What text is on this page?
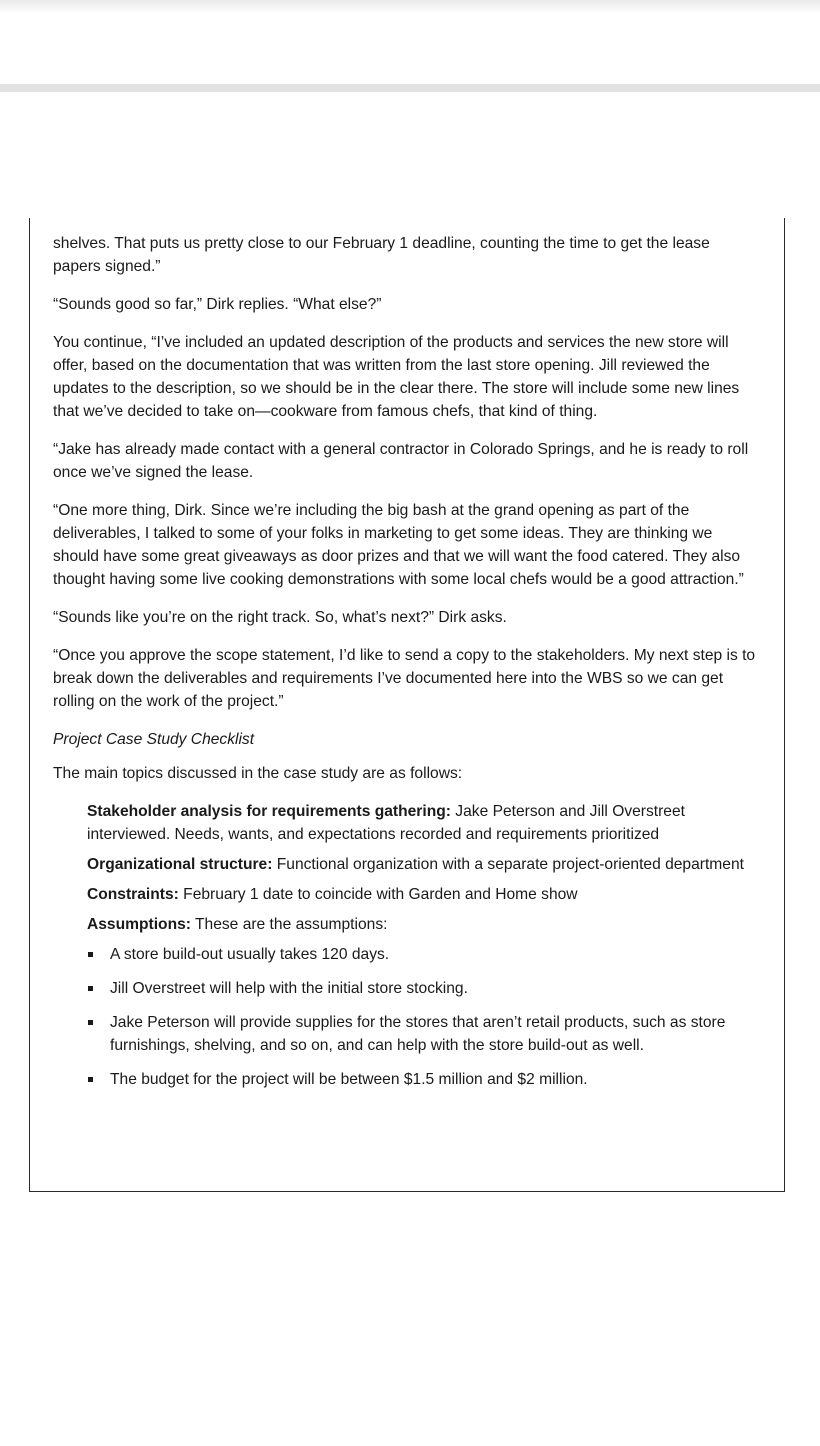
shelves. That puts us pretty close to our February 1 deadline, counting the time to get the lease papers signed.”

“Sounds good so far,” Dirk replies. “What else?”

You continue, “I’ve included an updated description of the products and services the new store will offer, based on the documentation that was written from the last store opening. Jill reviewed the updates to the description, so we should be in the clear there. The store will include some new lines that we’ve decided to take on—cookware from famous chefs, that kind of thing.

“Jake has already made contact with a general contractor in Colorado Springs, and he is ready to roll once we’ve signed the lease.

“One more thing, Dirk. Since we’re including the big bash at the grand opening as part of the deliverables, I talked to some of your folks in marketing to get some ideas. They are thinking we should have some great giveaways as door prizes and that we will want the food catered. They also thought having some live cooking demonstrations with some local chefs would be a good attraction.”

“Sounds like you’re on the right track. So, what’s next?” Dirk asks.

“Once you approve the scope statement, I’d like to send a copy to the stakeholders. My next step is to break down the deliverables and requirements I’ve documented here into the WBS so we can get rolling on the work of the project.”

Project Case Study Checklist

The main topics discussed in the case study are as follows:

Stakeholder analysis for requirements gathering: Jake Peterson and Jill Overstreet interviewed. Needs, wants, and expectations recorded and requirements prioritized

Organizational structure: Functional organization with a separate project-oriented department

Constraints: February 1 date to coincide with Garden and Home show

Assumptions: These are the assumptions:

A store build-out usually takes 120 days.
Jill Overstreet will help with the initial store stocking.
Jake Peterson will provide supplies for the stores that aren’t retail products, such as store furnishings, shelving, and so on, and can help with the store build-out as well.
The budget for the project will be between $1.5 million and $2 million.
